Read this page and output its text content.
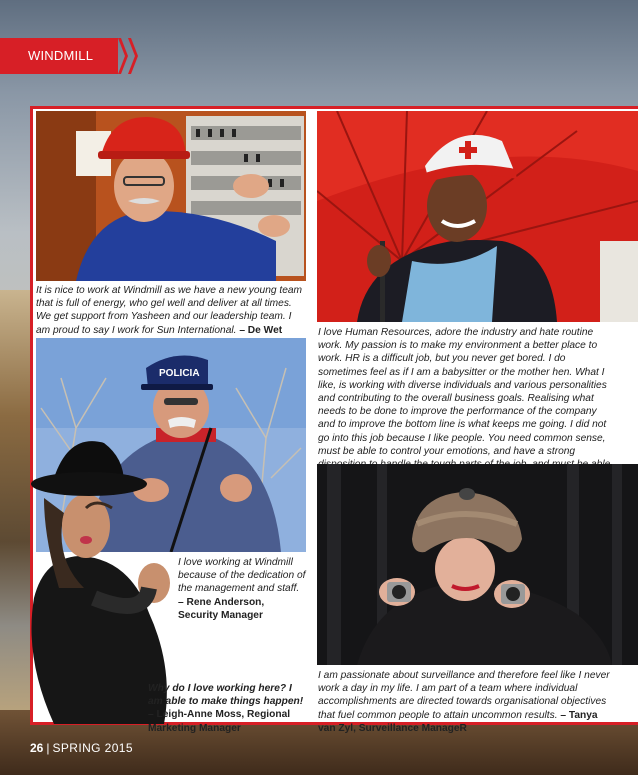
WINDMILL
It is nice to work at Windmill as we have a new young team that is full of energy, who gel well and deliver at all times. We get support from Yasheen and our leadership team. I am proud to say I work for Sun International. – De Wet
POLICIA
I love working at Windmill because of the dedication of the management and staff. – Rene Anderson, Security Manager
Why do I love working here? I am able to make things happen! – Leigh-Anne Moss, Regional Marketing Manager
I love Human Resources, adore the industry and hate routine work. My passion is to make my environment a better place to work. HR is a difficult job, but you never get bored. I do sometimes feel as if I am a babysitter or the mother hen. What I like, is working with diverse individuals and various personalities and contributing to the overall business goals. Realising what needs to be done to improve the performance of the company and to improve the bottom line is what keeps me going. I did not go into this job because I like people. You need common sense, must be able to control your emotions, and have a strong
I am passionate about surveillance and therefore feel like I never work a day in my life. I am part of a team where individual accomplishments are directed towards organisational objectives that fuel common people to attain uncommon results. – Tanya van Zyl, Surveillance ManageR
26 | SPRING 2015
